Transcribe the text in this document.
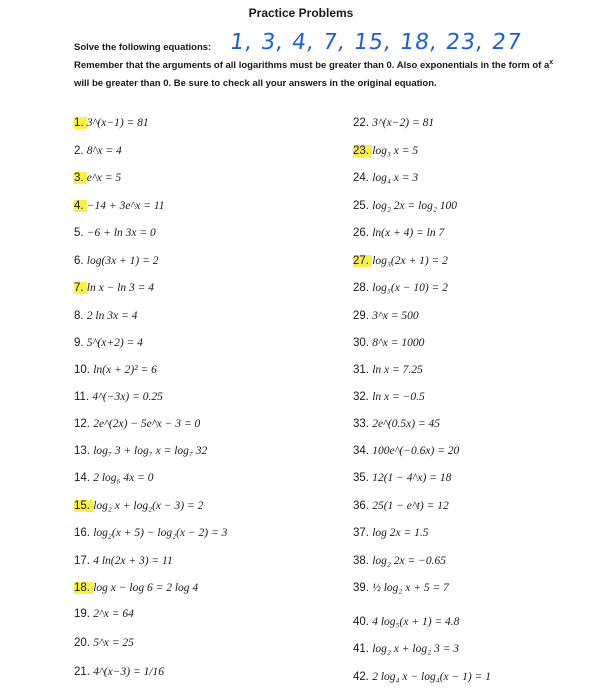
Practice Problems
Solve the following equations: 1, 3, 4, 7, 15, 18, 23, 27
Remember that the arguments of all logarithms must be greater than 0. Also exponentials in the form of $a^x$
will be greater than 0. Be sure to check all your answers in the original equation.
1. 3^(x−1) = 81
2. 8^x = 4
3. e^x = 5
4. −14 + 3e^x = 11
5. −6 + ln 3x = 0
6. log(3x + 1) = 2
7. ln x − ln 3 = 4
8. 2 ln 3x = 4
9. 5^(x+2) = 4
10. ln(x + 2)² = 6
11. 4^(−3x) = 0.25
12. 2e^(2x) − 5e^x − 3 = 0
13. log₇ 3 + log₇ x = log₇ 32
14. 2 log₆ 4x = 0
15. log₂ x + log₂(x − 3) = 2
16. log₂(x + 5) − log₂(x − 2) = 3
17. 4 ln(2x + 3) = 11
18. log x − log 6 = 2 log 4
19. 2^x = 64
20. 5^x = 25
21. 4^(x−3) = 1/16
22. 3^(x−2) = 81
23. log₃ x = 5
24. log₄ x = 3
25. log₂ 2x = log₂ 100
26. ln(x + 4) = ln 7
27. log₃(2x + 1) = 2
28. log₅(x − 10) = 2
29. 3^x = 500
30. 8^x = 1000
31. ln x = 7.25
32. ln x = −0.5
33. 2e^(0.5x) = 45
34. 100e^(−0.6x) = 20
35. 12(1 − 4^x) = 18
36. 25(1 − e^t) = 12
37. log 2x = 1.5
38. log₂ 2x = −0.65
39. ½ log₂ x + 5 = 7
40. 4 log₅(x + 1) = 4.8
41. log₂ x + log₂ 3 = 3
42. 2 log₄ x − log₄(x − 1) = 1
